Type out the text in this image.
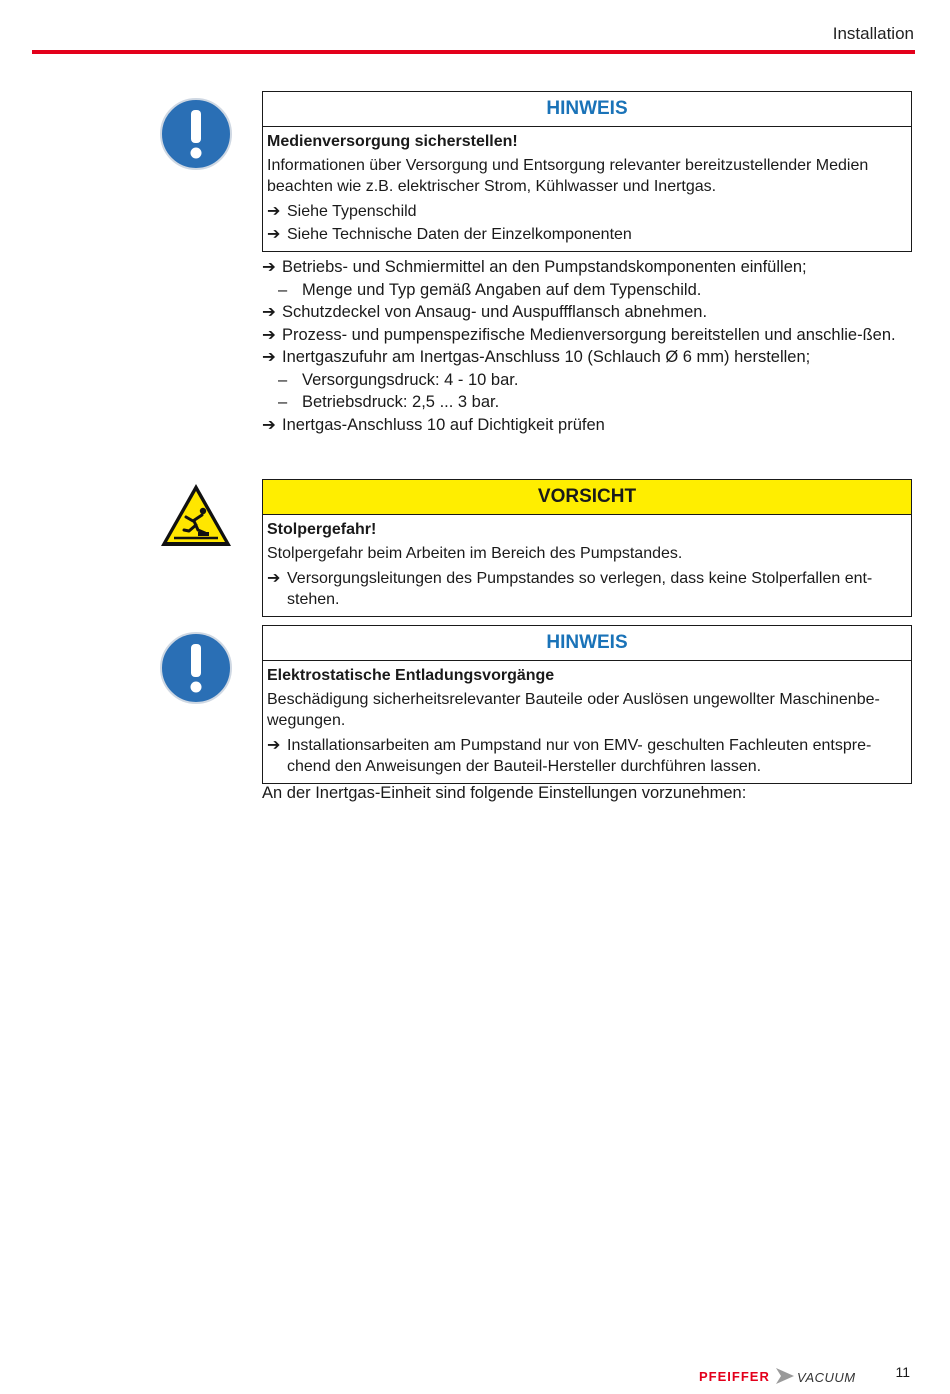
Installation
HINWEIS
Medienversorgung sicherstellen!
Informationen über Versorgung und Entsorgung relevanter bereitzustellender Medien beachten wie z.B. elektrischer Strom, Kühlwasser und Inertgas.
➔ Siehe Typenschild
➔ Siehe Technische Daten der Einzelkomponenten
➔ Betriebs- und Schmiermittel an den Pumpstandskomponenten einfüllen;
– Menge und Typ gemäß Angaben auf dem Typenschild.
➔ Schutzdeckel von Ansaug- und Auspuffflansch abnehmen.
➔ Prozess- und pumpenspezifische Medienversorgung bereitstellen und anschlie-ßen.
➔ Inertgaszufuhr am Inertgas-Anschluss 10 (Schlauch Ø 6 mm) herstellen;
– Versorgungsdruck: 4 - 10 bar.
– Betriebsdruck: 2,5 ... 3 bar.
➔ Inertgas-Anschluss 10 auf Dichtigkeit prüfen
VORSICHT
Stolpergefahr!
Stolpergefahr beim Arbeiten im Bereich des Pumpstandes.
➔ Versorgungsleitungen des Pumpstandes so verlegen, dass keine Stolperfallen ent-stehen.
HINWEIS
Elektrostatische Entladungsvorgänge
Beschädigung sicherheitsrelevanter Bauteile oder Auslösen ungewollter Maschinenbe-wegungen.
➔ Installationsarbeiten am Pumpstand nur von EMV- geschulten Fachleuten entspre-chend den Anweisungen der Bauteil-Hersteller durchführen lassen.
An der Inertgas-Einheit sind folgende Einstellungen vorzunehmen:
PFEIFFER VACUUM	11
